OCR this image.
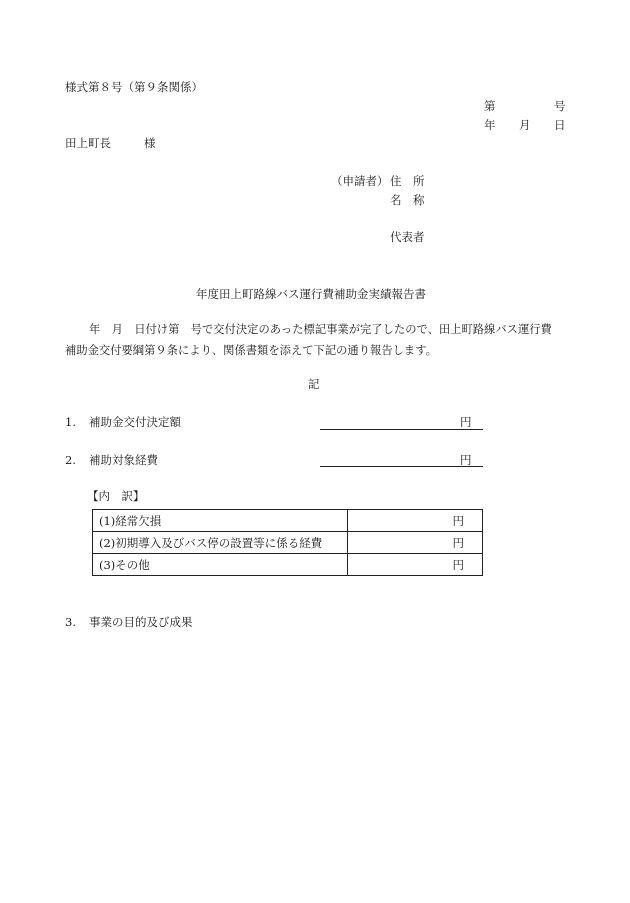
様式第８号（第９条関係）
第	号
年 月 日
田上町長	様
（申請者） 住　所
名　称
代表者
年度田上町路線バス運行費補助金実績報告書
年　月　日付け第　号で交付決定のあった標記事業が完了したので、田上町路線バス運行費
補助金交付要綱第９条により、関係書類を添えて下記の通り報告します。
記
1. 補助金交付決定額	円
2. 補助対象経費	円
【内　訳】
(1)経常欠損	円
(2)初期導入及びバス停の設置等に係る経費	円
(3)その他	円
3. 事業の目的及び成果
